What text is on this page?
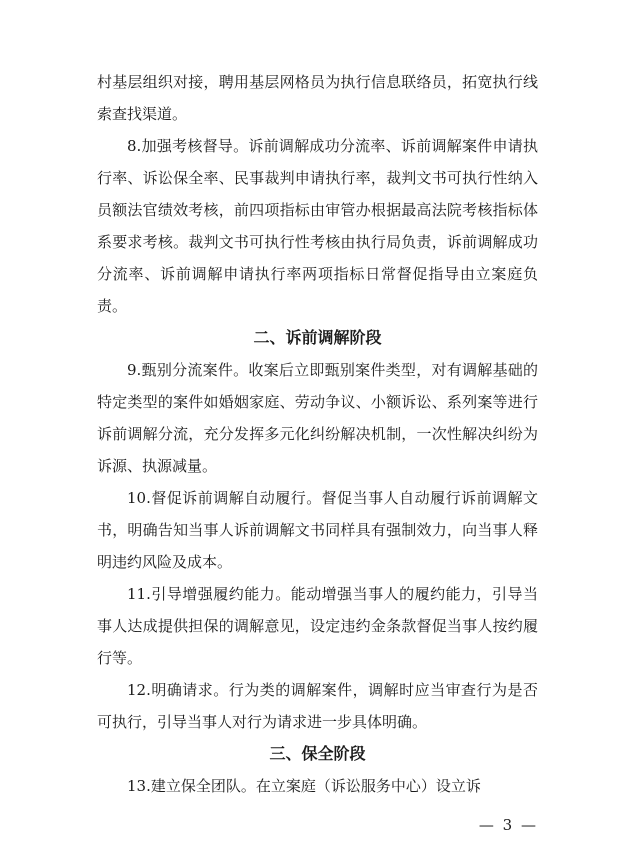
村基层组织对接，聘用基层网格员为执行信息联络员，拓宽执行线索查找渠道。

8.加强考核督导。诉前调解成功分流率、诉前调解案件申请执行率、诉讼保全率、民事裁判申请执行率，裁判文书可执行性纳入员额法官绩效考核，前四项指标由审管办根据最高法院考核指标体系要求考核。裁判文书可执行性考核由执行局负责，诉前调解成功分流率、诉前调解申请执行率两项指标日常督促指导由立案庭负责。

二、诉前调解阶段

9.甄别分流案件。收案后立即甄别案件类型，对有调解基础的特定类型的案件如婚姻家庭、劳动争议、小额诉讼、系列案等进行诉前调解分流，充分发挥多元化纠纷解决机制，一次性解决纠纷为诉源、执源减量。

10.督促诉前调解自动履行。督促当事人自动履行诉前调解文书，明确告知当事人诉前调解文书同样具有强制效力，向当事人释明违约风险及成本。

11.引导增强履约能力。能动增强当事人的履约能力，引导当事人达成提供担保的调解意见，设定违约金条款督促当事人按约履行等。

12.明确请求。行为类的调解案件，调解时应当审查行为是否可执行，引导当事人对行为请求进一步具体明确。

三、保全阶段

13.建立保全团队。在立案庭（诉讼服务中心）设立诉

— 3 —
